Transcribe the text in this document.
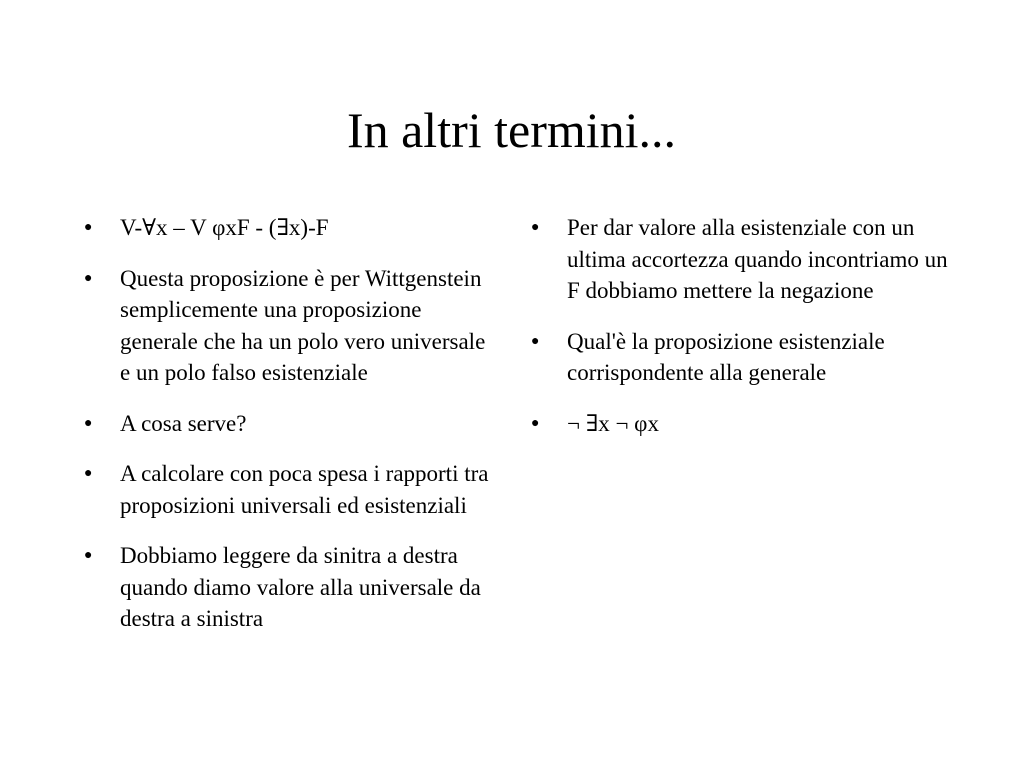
In altri termini...
● V-∀x – V φxF - (∃x)-F
● Questa proposizione è per Wittgenstein semplicemente una proposizione generale che ha un polo vero universale e un polo falso esistenziale
● A cosa serve?
● A calcolare con poca spesa i rapporti tra proposizioni universali ed esistenziali
● Dobbiamo leggere da sinitra a destra quando diamo valore alla universale da destra a sinistra
● Per dar valore alla esistenziale con un ultima accortezza quando incontriamo un F dobbiamo mettere la negazione
● Qual'è la proposizione esistenziale corrispondente alla generale
● ¬ ∃x ¬ φx
